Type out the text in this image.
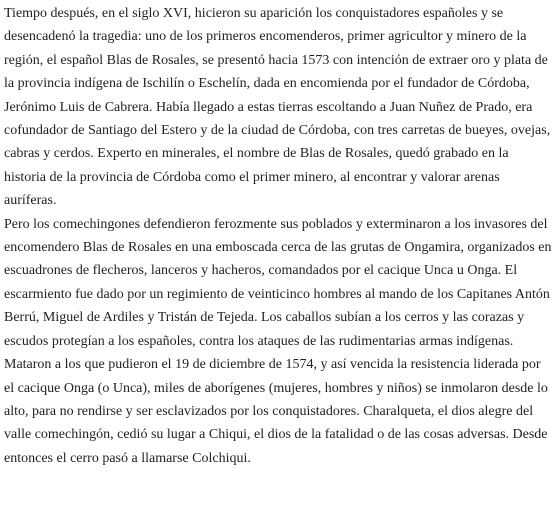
Tiempo después, en el siglo XVI, hicieron su aparición los conquistadores españoles y se desencadenó la tragedia: uno de los primeros encomenderos, primer agricultor y minero de la región, el español Blas de Rosales, se presentó hacia 1573 con intención de extraer oro y plata de la provincia indígena de Ischilín o Eschelín, dada en encomienda por el fundador de Córdoba, Jerónimo Luis de Cabrera. Había llegado a estas tierras escoltando a Juan Nuñez de Prado, era cofundador de Santiago del Estero y de la ciudad de Córdoba, con tres carretas de bueyes, ovejas, cabras y cerdos. Experto en minerales, el nombre de Blas de Rosales, quedó grabado en la historia de la provincia de Córdoba como el primer minero, al encontrar y valorar arenas auríferas.

Pero los comechingones defendieron ferozmente sus poblados y exterminaron a los invasores del encomendero Blas de Rosales en una emboscada cerca de las grutas de Ongamira, organizados en escuadrones de flecheros, lanceros y hacheros, comandados por el cacique Unca u Onga. El escarmiento fue dado por un regimiento de veinticinco hombres al mando de los Capitanes Antón Berrú, Miguel de Ardiles y Tristán de Tejeda. Los caballos subían a los cerros y las corazas y escudos protegían a los españoles, contra los ataques de las rudimentarias armas indígenas. Mataron a los que pudieron el 19 de diciembre de 1574, y así vencida la resistencia liderada por el cacique Onga (o Unca), miles de aborígenes (mujeres, hombres y niños) se inmolaron desde lo alto, para no rendirse y ser esclavizados por los conquistadores. Charalqueta, el dios alegre del valle comechingón, cedió su lugar a Chiqui, el dios de la fatalidad o de las cosas adversas. Desde entonces el cerro pasó a llamarse Colchiqui.
